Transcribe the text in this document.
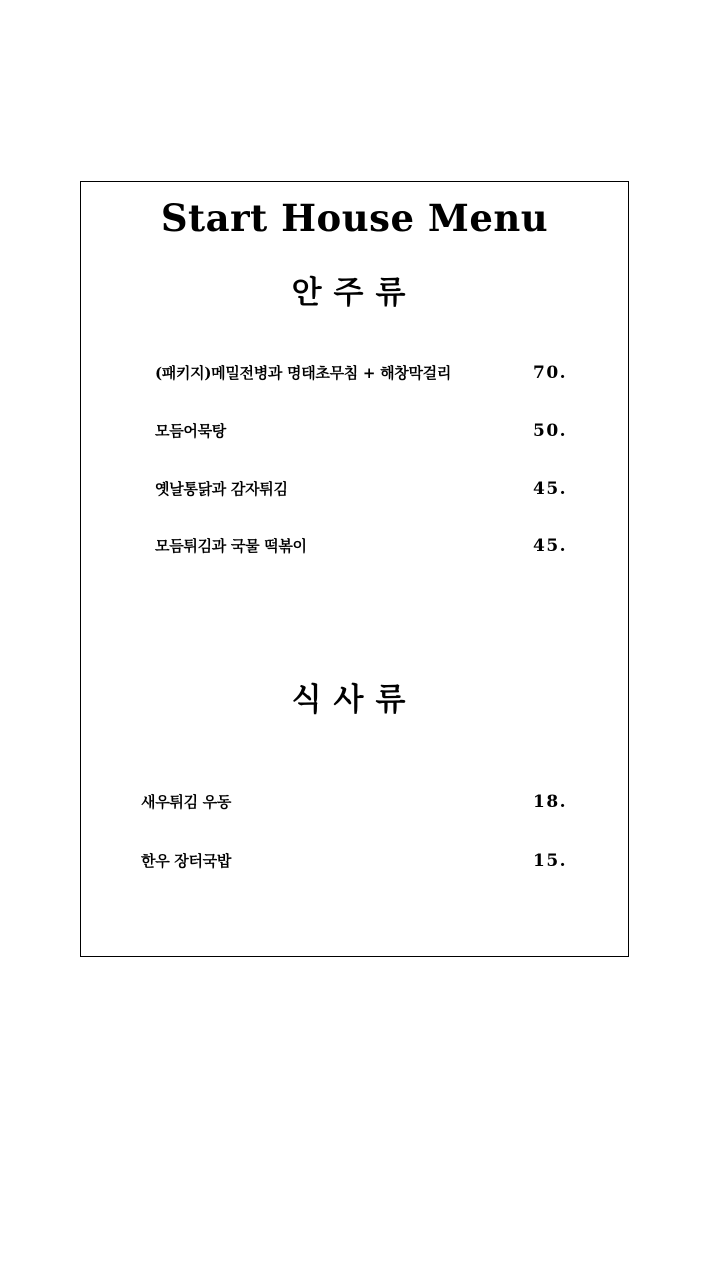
Start House Menu
안주류
(패키지)메밀전병과 명태초무침 + 해창막걸리	70.
모듬어묵탕	50.
옛날통닭과 감자튀김	45.
모듬튀김과 국물 떡볶이	45.
식사류
새우튀김 우동	18.
한우 장터국밥	15.
